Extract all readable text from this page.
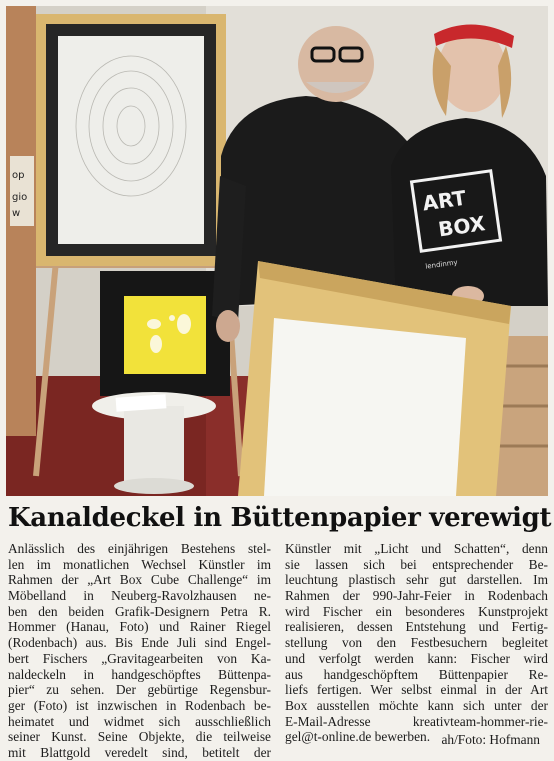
op
gio
w	ART
BOX
lendinmy
Kanaldeckel in Büttenpapier verewigt
Anlässlich des einjährigen Bestehens stel-
len im monatlichen Wechsel Künstler im
Rahmen der „Art Box Cube Challenge“ im
Möbelland in Neuberg-Ravolzhausen ne-
ben den beiden Grafik-Designern Petra R.
Hommer (Hanau, Foto) und Rainer Riegel
(Rodenbach) aus. Bis Ende Juli sind Engel-
bert Fischers „Gravitagearbeiten von Ka-
naldeckeln in handgeschöpftes Büttenpa-
pier“ zu sehen. Der gebürtige Regensbur-
ger (Foto) ist inzwischen in Rodenbach be-
heimatet und widmet sich ausschließlich
seiner Kunst. Seine Objekte, die teilweise
mit Blattgold veredelt sind, betitelt der
Künstler mit „Licht und Schatten“, denn
sie lassen sich bei entsprechender Be-
leuchtung plastisch sehr gut darstellen. Im
Rahmen der 990-Jahr-Feier in Rodenbach
wird Fischer ein besonderes Kunstprojekt
realisieren, dessen Entstehung und Fertig-
stellung von den Festbesuchern begleitet
und verfolgt werden kann: Fischer wird
aus handgeschöpftem Büttenpapier Re-
liefs fertigen. Wer selbst einmal in der Art
Box ausstellen möchte kann sich unter der
E-Mail-Adresse kreativteam-hommer-rie-
gel@t-online.de bewerben. ah/Foto: Hofmann
